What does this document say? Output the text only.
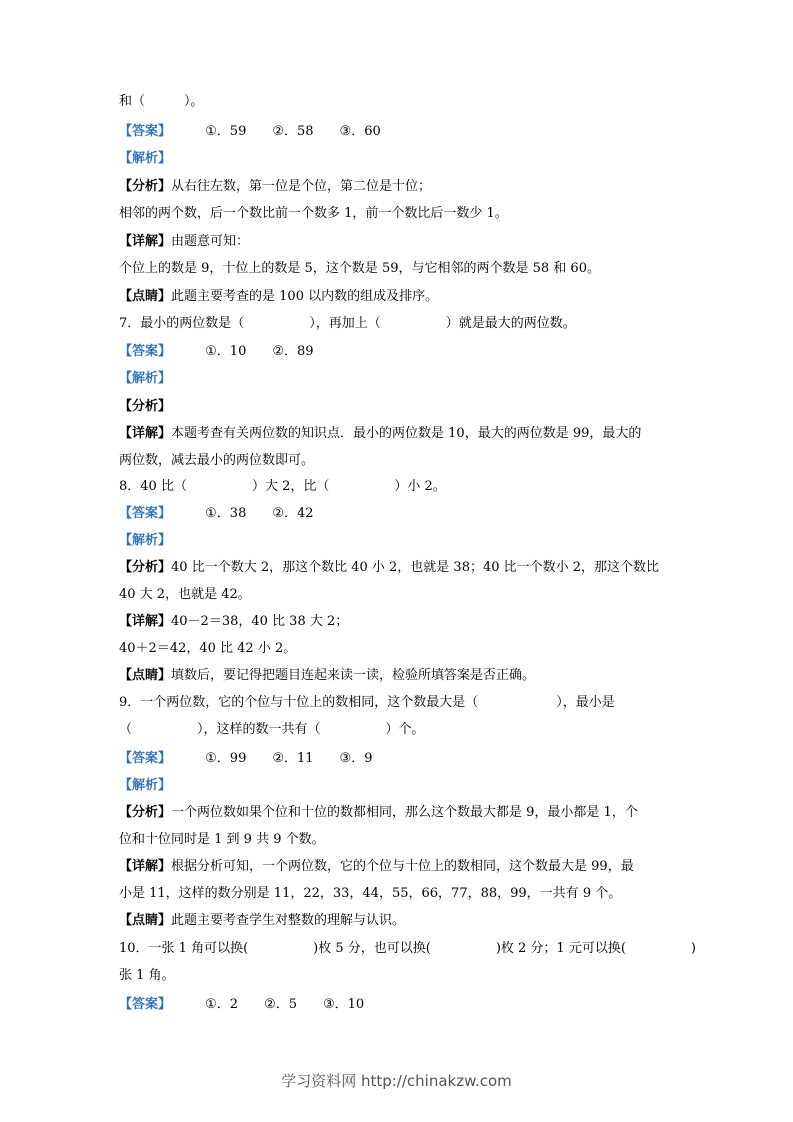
和（　　　）。
【答案】	①．59　　②．58　　③．60
【解析】
【分析】从右往左数，第一位是个位，第二位是十位；
相邻的两个数，后一个数比前一个数多 1，前一个数比后一数少 1。
【详解】由题意可知：
个位上的数是 9，十位上的数是 5，这个数是 59，与它相邻的两个数是 58 和 60。
【点睛】此题主要考查的是 100 以内数的组成及排序。
7．最小的两位数是（　　　　　），再加上（　　　　　）就是最大的两位数。
【答案】	①．10　　②．89
【解析】
【分析】
【详解】本题考查有关两位数的知识点．最小的两位数是 10，最大的两位数是 99，最大的
两位数，减去最小的两位数即可。
8．40 比（　　　　　）大 2，比（　　　　　）小 2。
【答案】	①．38　　②．42
【解析】
【分析】40 比一个数大 2，那这个数比 40 小 2，也就是 38；40 比一个数小 2，那这个数比
40 大 2，也就是 42。
【详解】40－2＝38，40 比 38 大 2；
40＋2＝42，40 比 42 小 2。
【点睛】填数后，要记得把题目连起来读一读，检验所填答案是否正确。
9．一个两位数，它的个位与十位上的数相同，这个数最大是（　　　　　　），最小是
（　　　　　），这样的数一共有（　　　　　）个。
【答案】	①．99　　②．11　　③．9
【解析】
【分析】一个两位数如果个位和十位的数都相同，那么这个数最大都是 9，最小都是 1，个
位和十位同时是 1 到 9 共 9 个数。
【详解】根据分析可知，一个两位数，它的个位与十位上的数相同，这个数最大是 99，最
小是 11，这样的数分别是 11，22，33，44，55，66，77，88，99，一共有 9 个。
【点睛】此题主要考查学生对整数的理解与认识。
10．一张 1 角可以换(　　　　　)枚 5 分，也可以换(　　　　　)枚 2 分；1 元可以换(　　　　　)
张 1 角。
【答案】	①．2　　②．5　　③．10
学习资料网 http://chinakzw.com
